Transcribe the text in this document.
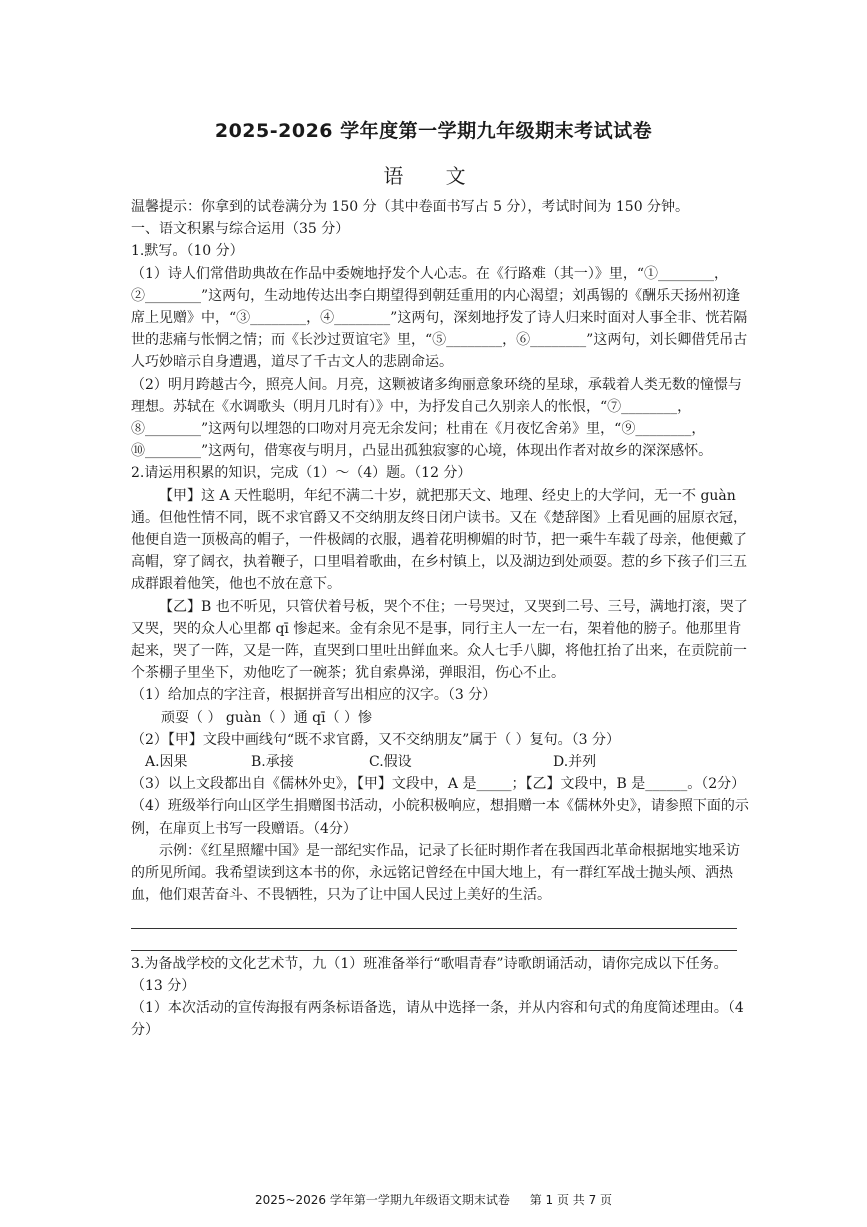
2025-2026 学年度第一学期九年级期末考试试卷
语 文

温馨提示：你拿到的试卷满分为 150 分（其中卷面书写占 5 分），考试时间为 150 分钟。

一、语文积累与综合运用（35 分）

1.默写。（10 分）

（1）诗人们常借助典故在作品中委婉地抒发个人心志。在《行路难（其一）》里，“①________，②________”这两句，生动地传达出李白期望得到朝廷重用的内心渴望；刘禹锡的《酬乐天扬州初逢席上见赠》中，“③________，④________”这两句，深刻地抒发了诗人归来时面对人事全非、恍若隔世的悲痛与怅惘之情；而《长沙过贾谊宅》里，“⑤________，⑥________”这两句，刘长卿借凭吊古人巧妙暗示自身遭遇，道尽了千古文人的悲剧命运。

（2）明月跨越古今，照亮人间。月亮，这颗被诸多绚丽意象环绕的星球，承载着人类无数的憧憬与理想。苏轼在《水调歌头（明月几时有）》中，为抒发自己久别亲人的怅恨，“⑦________，⑧________”这两句以埋怨的口吻对月亮无余发问；杜甫在《月夜忆舍弟》里，“⑨________，⑩________”这两句，借寒夜与明月，凸显出孤独寂寥的心境，体现出作者对故乡的深深感怀。

2.请运用积累的知识，完成（1）～（4）题。（12 分）

【甲】这 A 天性聪明，年纪不满二十岁，就把那天文、地理、经史上的大学问，无一不 guàn 通。但他性情不同，既不求官爵又不交纳朋友终日闭户读书。又在《楚辞图》上看见画的屈原衣冠，他便自造一顶极高的帽子，一件极阔的衣服，遇着花明柳媚的时节，把一乘牛车载了母亲，他便戴了高帽，穿了阔衣，执着鞭子，口里唱着歌曲，在乡村镇上，以及湖边到处顽耍。惹的乡下孩子们三五成群跟着他笑，他也不放在意下。

【乙】B 也不听见，只管伏着号板，哭个不住；一号哭过，又哭到二号、三号，满地打滚，哭了又哭，哭的众人心里都 qī 惨起来。金有余见不是事，同行主人一左一右，架着他的膀子。他那里肯起来，哭了一阵，又是一阵，直哭到口里吐出鲜血来。众人七手八脚，将他扛抬了出来，在贡院前一个茶棚子里坐下，劝他吃了一碗茶；犹自索鼻涕，弹眼泪，伤心不止。

（1）给加点的字注音，根据拼音写出相应的汉字。（3 分）

顽耍（ ） guàn（ ）通 qī（ ）惨

（2）【甲】文段中画线句“既不求官爵，又不交纳朋友”属于（ ）复句。（3 分）

A.因果	B.承接	C.假设	D.并列

（3）以上文段都出自《儒林外史》，【甲】文段中，A 是_____；【乙】文段中，B 是______。（2分）（4）班级举行向山区学生捐赠图书活动，小皖积极响应，想捐赠一本《儒林外史》，请参照下面的示例，在扉页上书写一段赠语。（4分）

示例：《红星照耀中国》是一部纪实作品，记录了长征时期作者在我国西北革命根据地实地采访的所见所闻。我希望读到这本书的你，永远铭记曾经在中国大地上，有一群红军战士抛头颅、洒热血，他们艰苦奋斗、不畏牺牲，只为了让中国人民过上美好的生活。

3.为备战学校的文化艺术节，九（1）班准备举行“歌唱青春”诗歌朗诵活动，请你完成以下任务。（13 分）

（1）本次活动的宣传海报有两条标语备选，请从中选择一条，并从内容和句式的角度简述理由。（4 分）

2025~2026 学年第一学期九年级语文期末试卷 第 1 页 共 7 页
